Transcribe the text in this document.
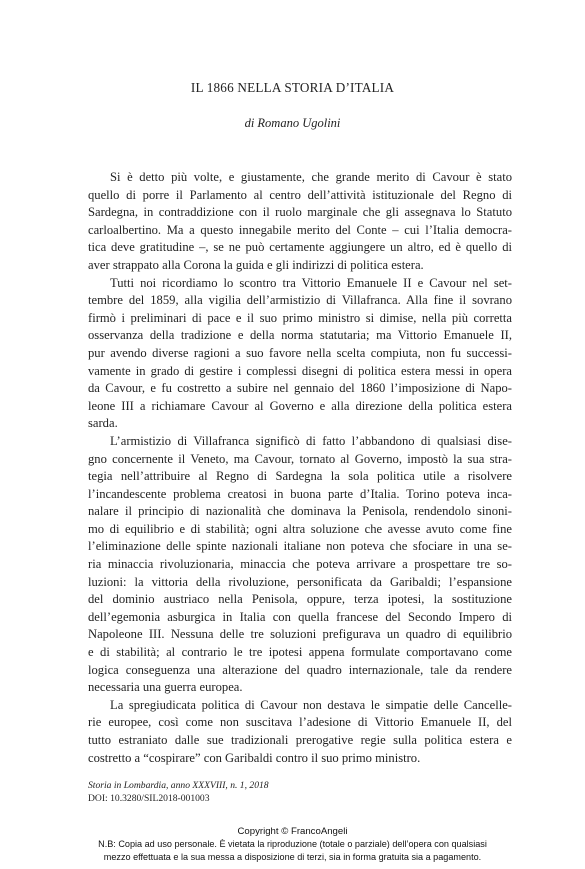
IL 1866 NELLA STORIA D’ITALIA
di Romano Ugolini
Si è detto più volte, e giustamente, che grande merito di Cavour è stato
quello di porre il Parlamento al centro dell’attività istituzionale del Regno di
Sardegna, in contraddizione con il ruolo marginale che gli assegnava lo Statuto
carloalbertino. Ma a questo innegabile merito del Conte – cui l’Italia democra-
tica deve gratitudine –, se ne può certamente aggiungere un altro, ed è quello di
aver strappato alla Corona la guida e gli indirizzi di politica estera.
Tutti noi ricordiamo lo scontro tra Vittorio Emanuele II e Cavour nel set-
tembre del 1859, alla vigilia dell’armistizio di Villafranca. Alla fine il sovrano
firmò i preliminari di pace e il suo primo ministro si dimise, nella più corretta
osservanza della tradizione e della norma statutaria; ma Vittorio Emanuele II,
pur avendo diverse ragioni a suo favore nella scelta compiuta, non fu successi-
vamente in grado di gestire i complessi disegni di politica estera messi in opera
da Cavour, e fu costretto a subire nel gennaio del 1860 l’imposizione di Napo-
leone III a richiamare Cavour al Governo e alla direzione della politica estera
sarda.
L’armistizio di Villafranca significò di fatto l’abbandono di qualsiasi dise-
gno concernente il Veneto, ma Cavour, tornato al Governo, impostò la sua stra-
tegia nell’attribuire al Regno di Sardegna la sola politica utile a risolvere
l’incandescente problema creatosi in buona parte d’Italia. Torino poteva inca-
nalare il principio di nazionalità che dominava la Penisola, rendendolo sinoni-
mo di equilibrio e di stabilità; ogni altra soluzione che avesse avuto come fine
l’eliminazione delle spinte nazionali italiane non poteva che sfociare in una se-
ria minaccia rivoluzionaria, minaccia che poteva arrivare a prospettare tre so-
luzioni: la vittoria della rivoluzione, personificata da Garibaldi; l’espansione
del dominio austriaco nella Penisola, oppure, terza ipotesi, la sostituzione
dell’egemonia asburgica in Italia con quella francese del Secondo Impero di
Napoleone III. Nessuna delle tre soluzioni prefigurava un quadro di equilibrio
e di stabilità; al contrario le tre ipotesi appena formulate comportavano come
logica conseguenza una alterazione del quadro internazionale, tale da rendere
necessaria una guerra europea.
La spregiudicata politica di Cavour non destava le simpatie delle Cancelle-
rie europee, così come non suscitava l’adesione di Vittorio Emanuele II, del
tutto estraniato dalle sue tradizionali prerogative regie sulla politica estera e
costretto a “cospirare” con Garibaldi contro il suo primo ministro.
Storia in Lombardia, anno XXXVIII, n. 1, 2018
DOI: 10.3280/SIL2018-001003
Copyright © FrancoAngeli
N.B: Copia ad uso personale. È vietata la riproduzione (totale o parziale) dell’opera con qualsiasi
mezzo effettuata e la sua messa a disposizione di terzi, sia in forma gratuita sia a pagamento.
